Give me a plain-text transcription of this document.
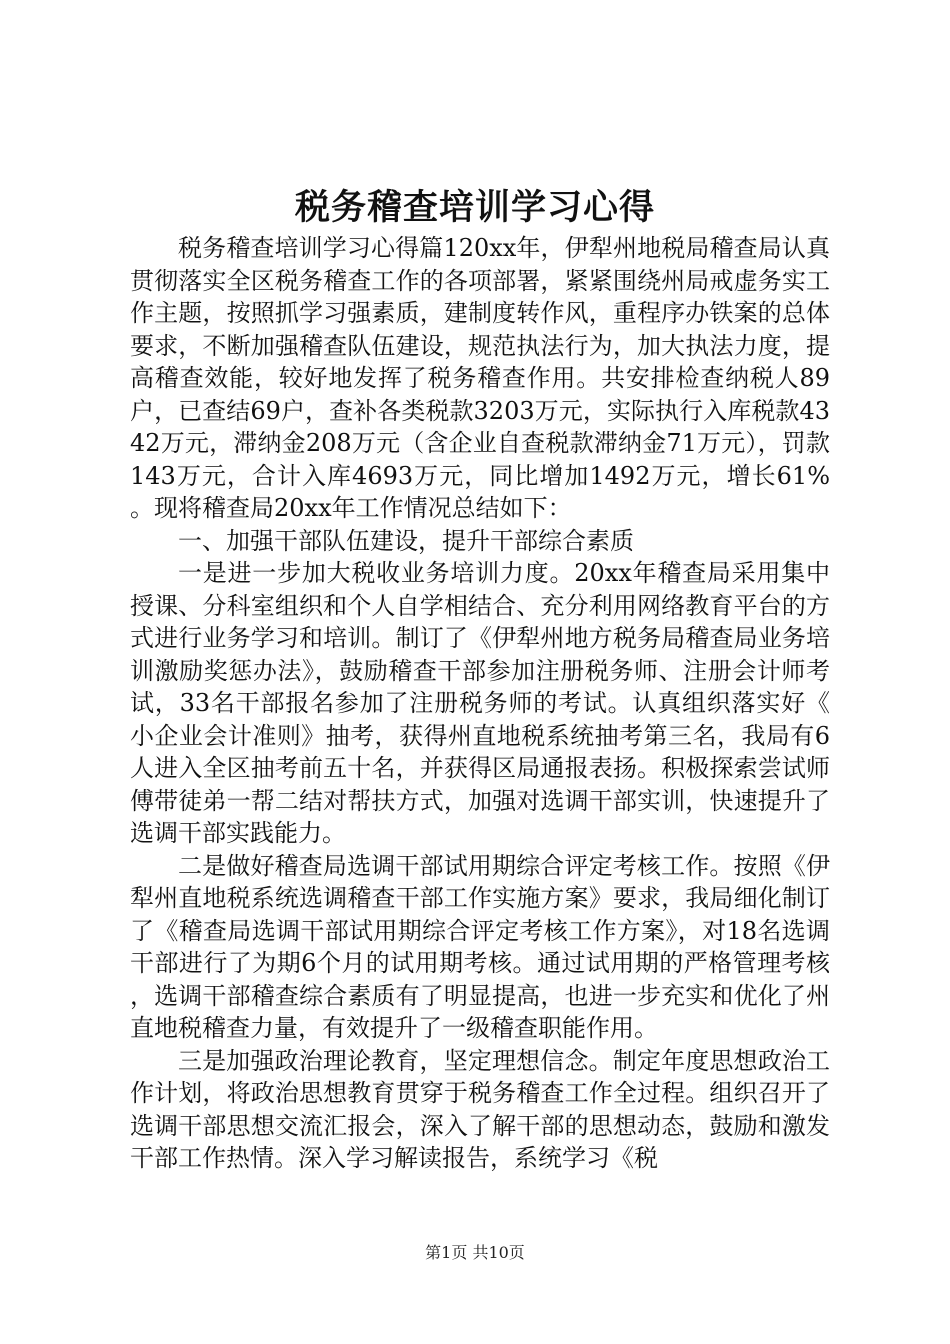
税务稽查培训学习心得

税务稽查培训学习心得篇120xx年，伊犁州地税局稽查局认真贯彻落实全区税务稽查工作的各项部署，紧紧围绕州局戒虚务实工作主题，按照抓学习强素质，建制度转作风，重程序办铁案的总体要求，不断加强稽查队伍建设，规范执法行为，加大执法力度，提高稽查效能，较好地发挥了税务稽查作用。共安排检查纳税人89户，已查结69户，查补各类税款3203万元，实际执行入库税款4342万元，滞纳金208万元（含企业自查税款滞纳金71万元），罚款143万元，合计入库4693万元，同比增加1492万元，增长61%。现将稽查局20xx年工作情况总结如下：

一、加强干部队伍建设，提升干部综合素质

一是进一步加大税收业务培训力度。20xx年稽查局采用集中授课、分科室组织和个人自学相结合、充分利用网络教育平台的方式进行业务学习和培训。制订了《伊犁州地方税务局稽查局业务培训激励奖惩办法》，鼓励稽查干部参加注册税务师、注册会计师考试，33名干部报名参加了注册税务师的考试。认真组织落实好《小企业会计准则》抽考，获得州直地税系统抽考第三名，我局有6人进入全区抽考前五十名，并获得区局通报表扬。积极探索尝试师傅带徒弟一帮二结对帮扶方式，加强对选调干部实训，快速提升了选调干部实践能力。

二是做好稽查局选调干部试用期综合评定考核工作。按照《伊犁州直地税系统选调稽查干部工作实施方案》要求，我局细化制订了《稽查局选调干部试用期综合评定考核工作方案》，对18名选调干部进行了为期6个月的试用期考核。通过试用期的严格管理考核，选调干部稽查综合素质有了明显提高，也进一步充实和优化了州直地税稽查力量，有效提升了一级稽查职能作用。

三是加强政治理论教育，坚定理想信念。制定年度思想政治工作计划，将政治思想教育贯穿于税务稽查工作全过程。组织召开了选调干部思想交流汇报会，深入了解干部的思想动态，鼓励和激发干部工作热情。深入学习解读报告，系统学习《税

第1页 共10页
